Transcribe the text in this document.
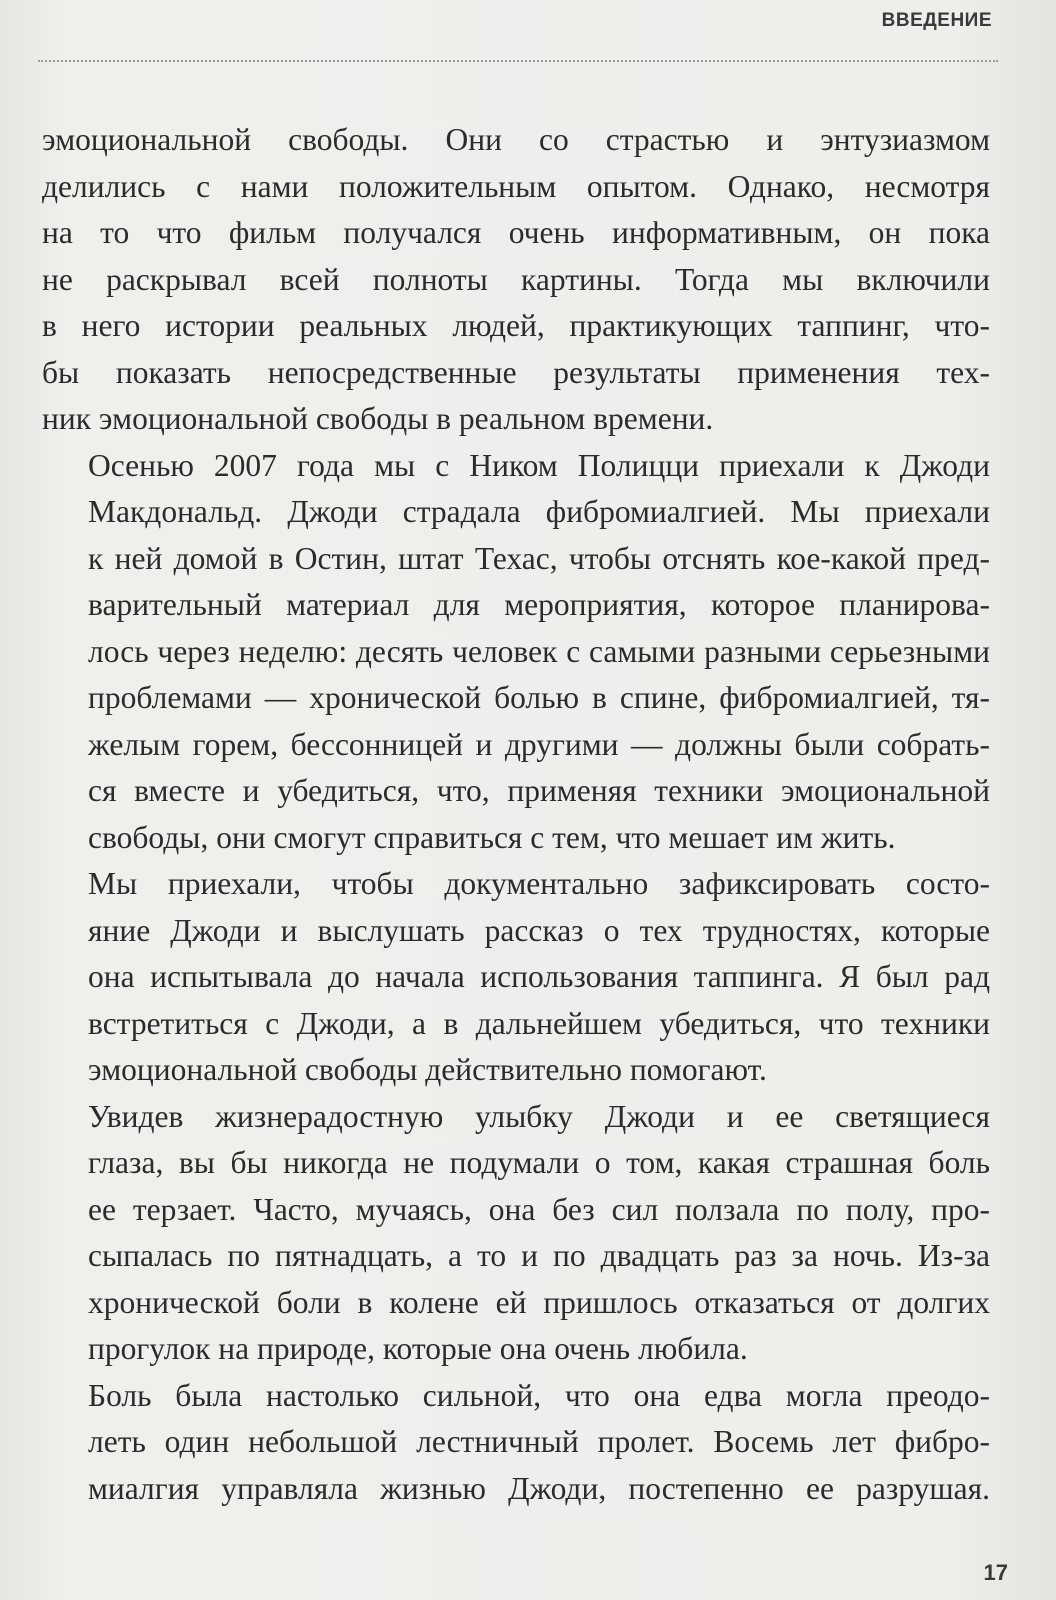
ВВЕДЕНИЕ

эмоциональной свободы. Они со страстью и энтузиазмом
делились с нами положительным опытом. Однако, несмотря
на то что фильм получался очень информативным, он пока
не раскрывал всей полноты картины. Тогда мы включили
в него истории реальных людей, практикующих таппинг, что-
бы показать непосредственные результаты применения тех-
ник эмоциональной свободы в реальном времени.

Осенью 2007 года мы с Ником Полицци приехали к Джоди
Макдональд. Джоди страдала фибромиалгией. Мы приехали
к ней домой в Остин, штат Техас, чтобы отснять кое-какой пред-
варительный материал для мероприятия, которое планирова-
лось через неделю: десять человек с самыми разными серьезными
проблемами — хронической болью в спине, фибромиалгией, тя-
желым горем, бессонницей и другими — должны были собрать-
ся вместе и убедиться, что, применяя техники эмоциональной
свободы, они смогут справиться с тем, что мешает им жить.

Мы приехали, чтобы документально зафиксировать состо-
яние Джоди и выслушать рассказ о тех трудностях, которые
она испытывала до начала использования таппинга. Я был рад
встретиться с Джоди, а в дальнейшем убедиться, что техники
эмоциональной свободы действительно помогают.

Увидев жизнерадостную улыбку Джоди и ее светящиеся
глаза, вы бы никогда не подумали о том, какая страшная боль
ее терзает. Часто, мучаясь, она без сил ползала по полу, про-
сыпалась по пятнадцать, а то и по двадцать раз за ночь. Из-за
хронической боли в колене ей пришлось отказаться от долгих
прогулок на природе, которые она очень любила.

Боль была настолько сильной, что она едва могла преодо-
леть один небольшой лестничный пролет. Восемь лет фибро-
миалгия управляла жизнью Джоди, постепенно ее разрушая.

17
